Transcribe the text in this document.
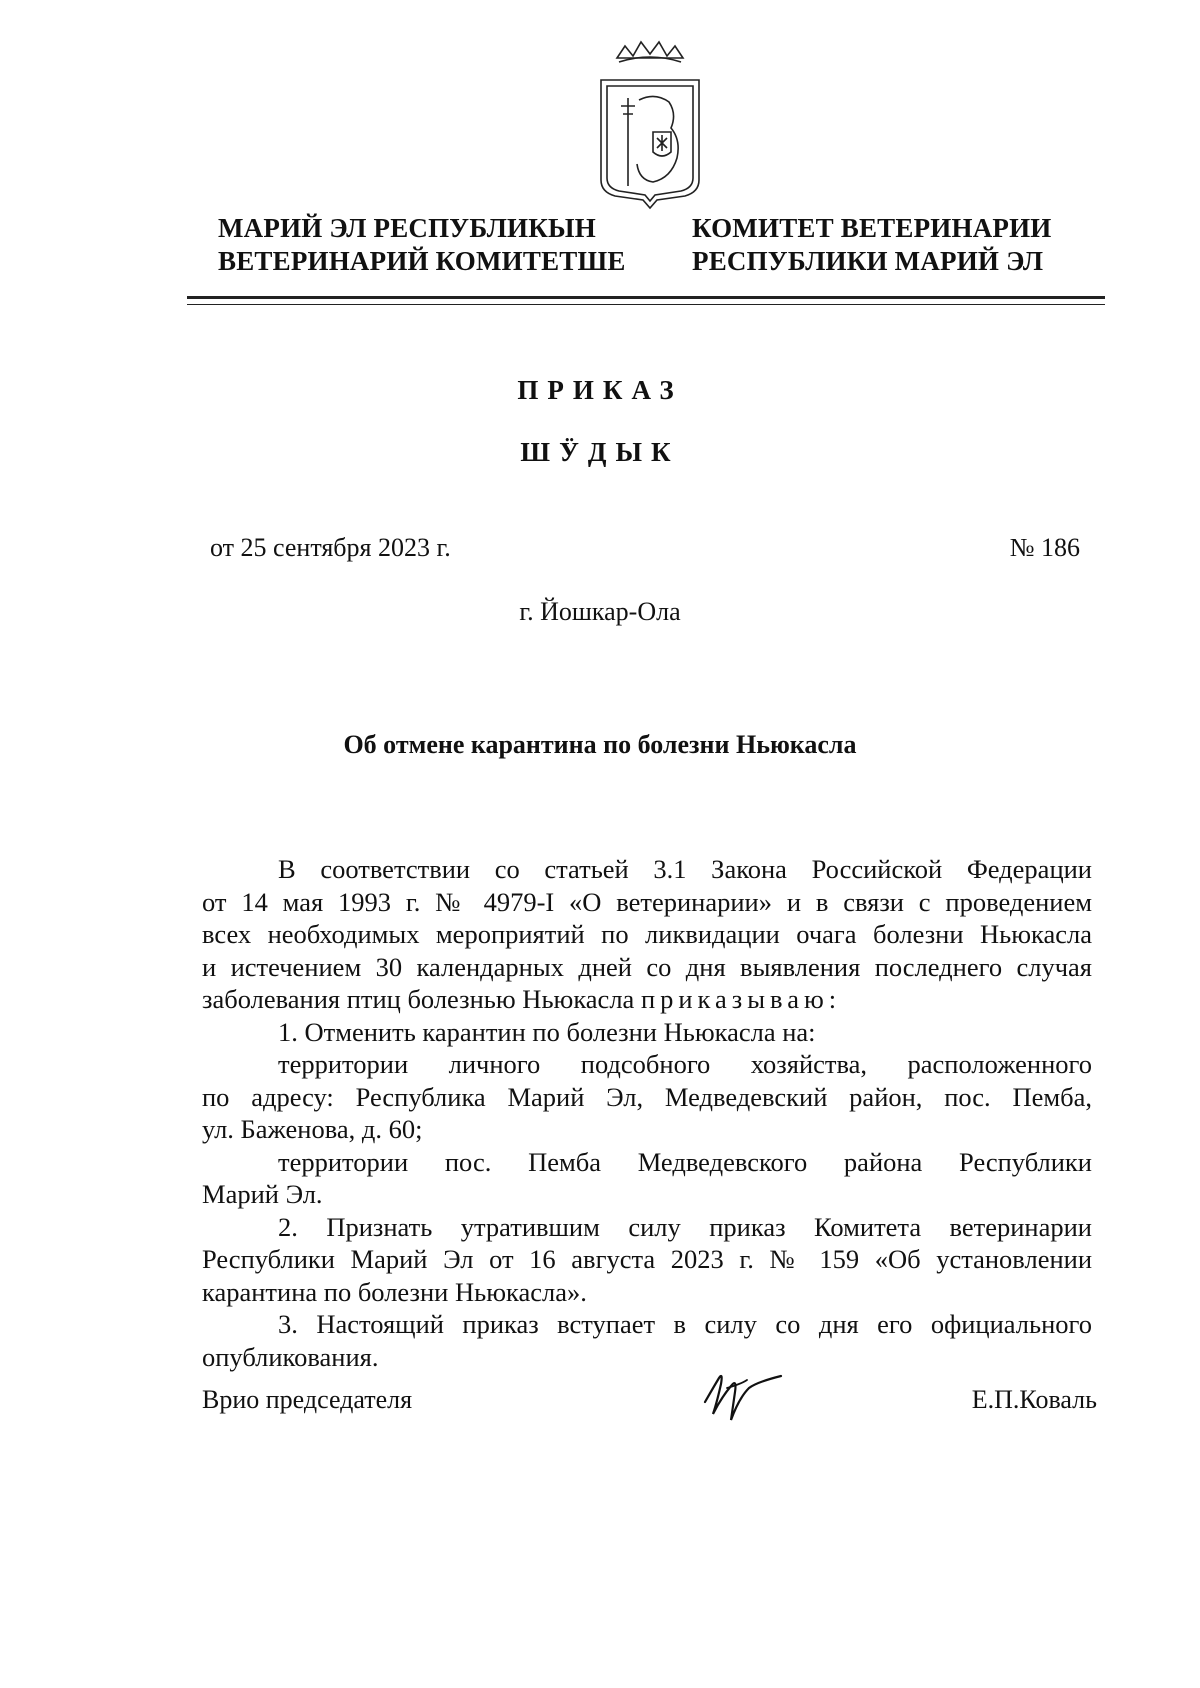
МАРИЙ ЭЛ РЕСПУБЛИКЫН
ВЕТЕРИНАРИЙ КОМИТЕТШЕ
КОМИТЕТ ВЕТЕРИНАРИИ
РЕСПУБЛИКИ МАРИЙ ЭЛ
ПРИКАЗ
ШӰДЫК
от 25 сентября 2023 г.	№ 186
г. Йошкар-Ола
Об отмене карантина по болезни Ньюкасла
В соответствии со статьей 3.1 Закона Российской Федерации
от 14 мая 1993 г. № 4979-I «О ветеринарии» и в связи с проведением
всех необходимых мероприятий по ликвидации очага болезни Ньюкасла
и истечением 30 календарных дней со дня выявления последнего случая
заболевания птиц болезнью Ньюкасла приказываю:
1. Отменить карантин по болезни Ньюкасла на:
территории личного подсобного хозяйства, расположенного
по адресу: Республика Марий Эл, Медведевский район, пос. Пемба,
ул. Баженова, д. 60;
территории пос. Пемба Медведевского района Республики
Марий Эл.
2. Признать утратившим силу приказ Комитета ветеринарии
Республики Марий Эл от 16 августа 2023 г. № 159 «Об установлении
карантина по болезни Ньюкасла».
3. Настоящий приказ вступает в силу со дня его официального
опубликования.
Врио председателя	Е.П.Коваль
